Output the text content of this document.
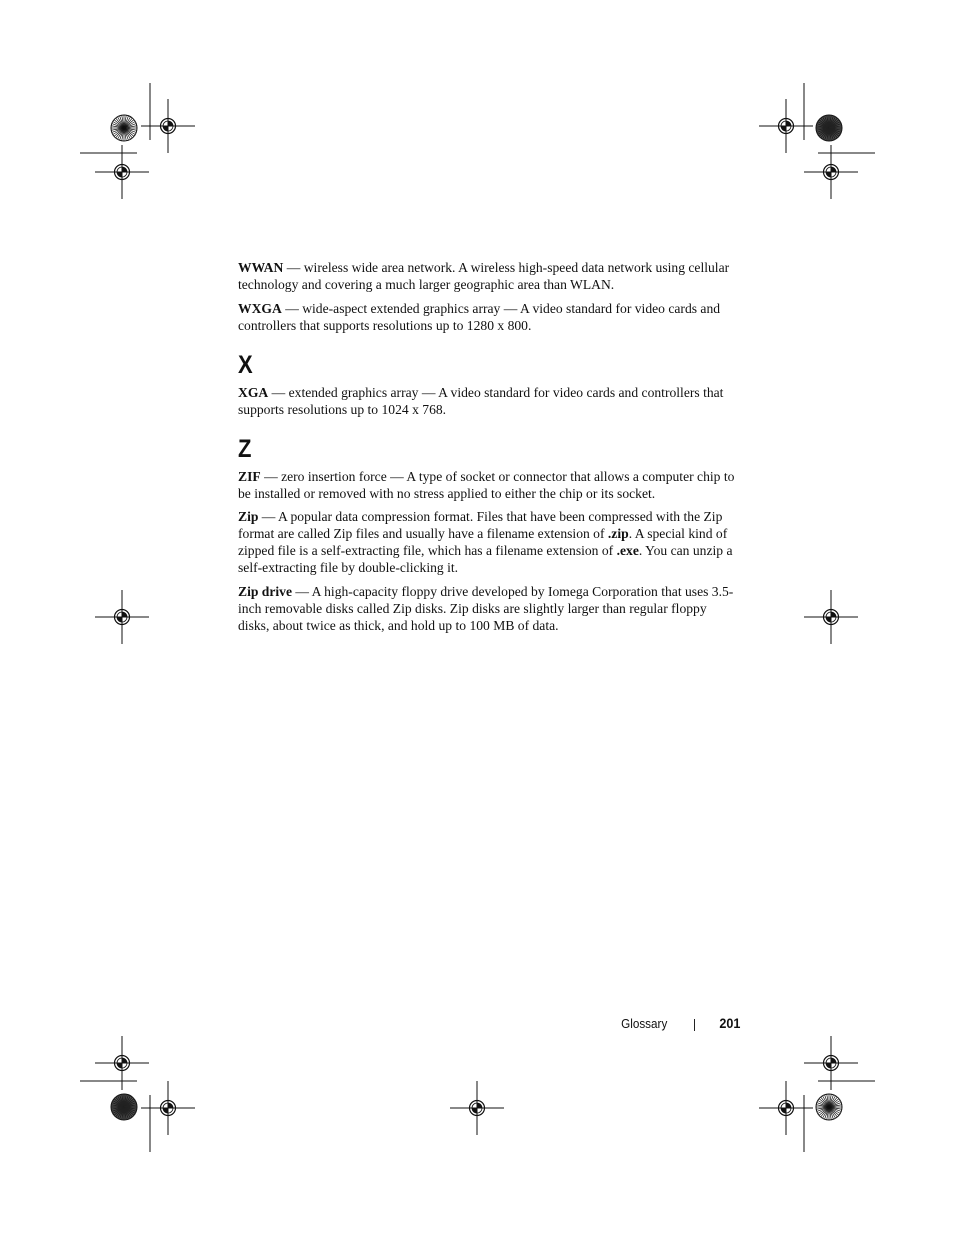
WWAN — wireless wide area network. A wireless high-speed data network using cellular technology and covering a much larger geographic area than WLAN.

WXGA — wide-aspect extended graphics array — A video standard for video cards and controllers that supports resolutions up to 1280 x 800.

X

XGA — extended graphics array — A video standard for video cards and controllers that supports resolutions up to 1024 x 768.

Z

ZIF — zero insertion force — A type of socket or connector that allows a computer chip to be installed or removed with no stress applied to either the chip or its socket.

Zip — A popular data compression format. Files that have been compressed with the Zip format are called Zip files and usually have a filename extension of .zip. A special kind of zipped file is a self-extracting file, which has a filename extension of .exe. You can unzip a self-extracting file by double-clicking it.

Zip drive — A high-capacity floppy drive developed by Iomega Corporation that uses 3.5-inch removable disks called Zip disks. Zip disks are slightly larger than regular floppy disks, about twice as thick, and hold up to 100 MB of data.

Glossary	201
